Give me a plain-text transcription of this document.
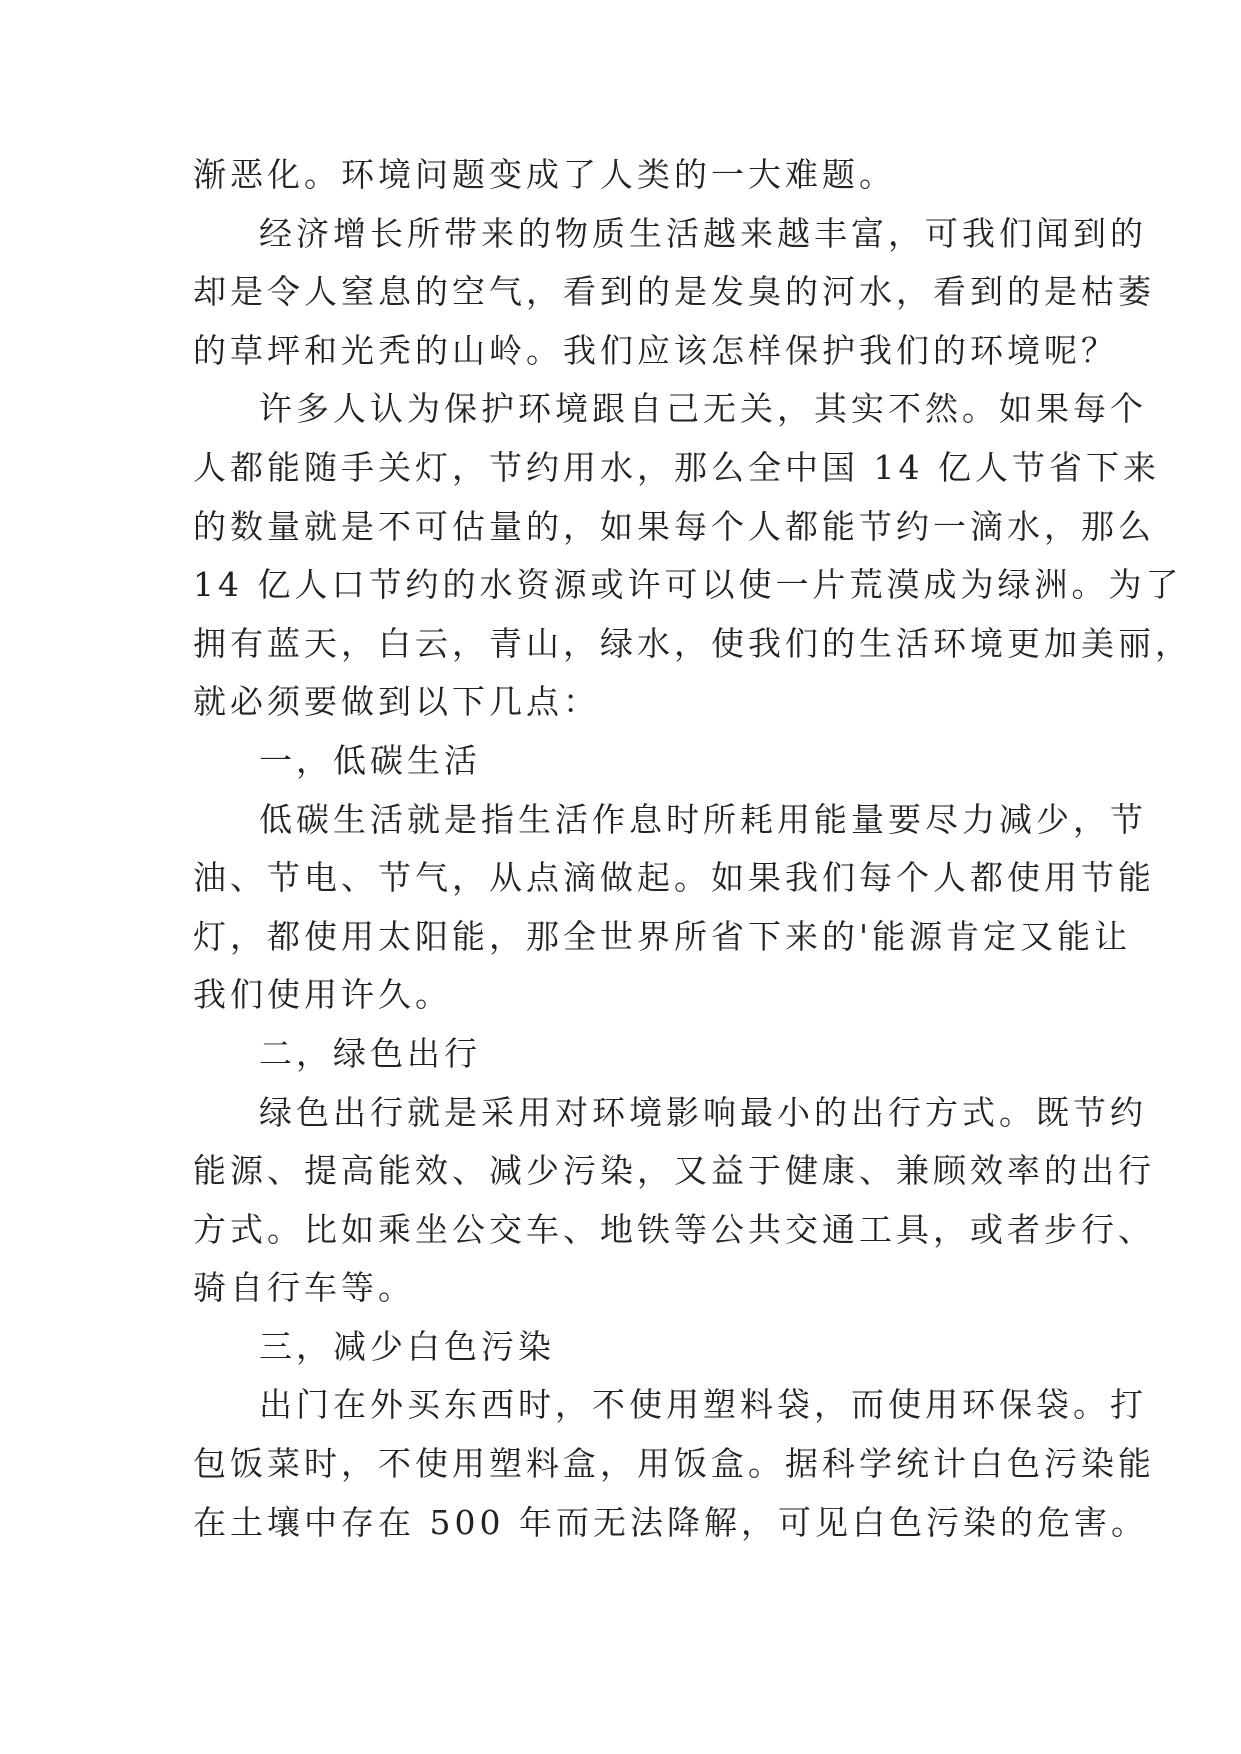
渐恶化。环境问题变成了人类的一大难题。
经济增长所带来的物质生活越来越丰富，可我们闻到的
却是令人窒息的空气，看到的是发臭的河水，看到的是枯萎
的草坪和光秃的山岭。我们应该怎样保护我们的环境呢？
许多人认为保护环境跟自己无关，其实不然。如果每个
人都能随手关灯，节约用水，那么全中国 14 亿人节省下来
的数量就是不可估量的，如果每个人都能节约一滴水，那么
14 亿人口节约的水资源或许可以使一片荒漠成为绿洲。为了
拥有蓝天，白云，青山，绿水，使我们的生活环境更加美丽，
就必须要做到以下几点：
一，低碳生活
低碳生活就是指生活作息时所耗用能量要尽力减少，节
油、节电、节气，从点滴做起。如果我们每个人都使用节能
灯，都使用太阳能，那全世界所省下来的'能源肯定又能让
我们使用许久。
二，绿色出行
绿色出行就是采用对环境影响最小的出行方式。既节约
能源、提高能效、减少污染，又益于健康、兼顾效率的出行
方式。比如乘坐公交车、地铁等公共交通工具，或者步行、
骑自行车等。
三，减少白色污染
出门在外买东西时，不使用塑料袋，而使用环保袋。打
包饭菜时，不使用塑料盒，用饭盒。据科学统计白色污染能
在土壤中存在 500 年而无法降解，可见白色污染的危害。
